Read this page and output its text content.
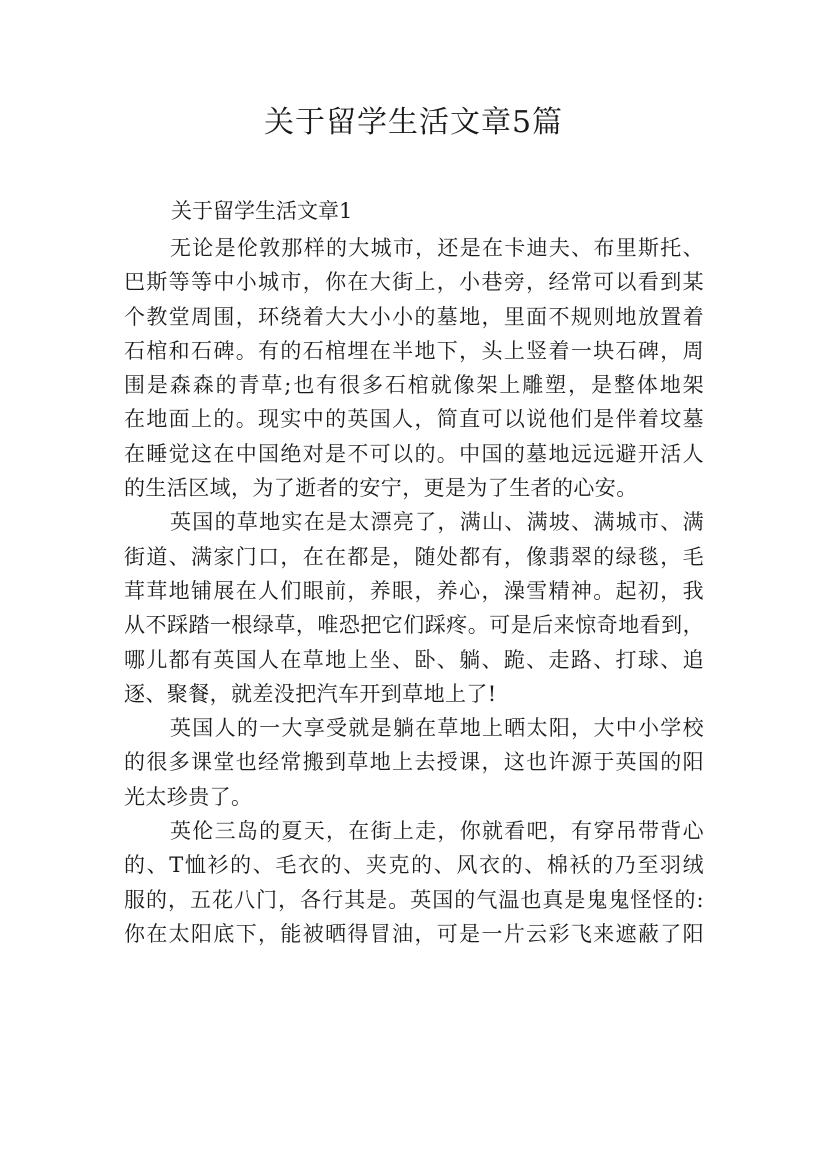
关于留学生活文章5篇
关于留学生活文章1
无论是伦敦那样的大城市，还是在卡迪夫、布里斯托、
巴斯等等中小城市，你在大街上，小巷旁，经常可以看到某
个教堂周围，环绕着大大小小的墓地，里面不规则地放置着
石棺和石碑。有的石棺埋在半地下，头上竖着一块石碑，周
围是森森的青草;也有很多石棺就像架上雕塑，是整体地架
在地面上的。现实中的英国人，简直可以说他们是伴着坟墓
在睡觉这在中国绝对是不可以的。中国的墓地远远避开活人
的生活区域，为了逝者的安宁，更是为了生者的心安。
英国的草地实在是太漂亮了，满山、满坡、满城市、满
街道、满家门口，在在都是，随处都有，像翡翠的绿毯，毛
茸茸地铺展在人们眼前，养眼，养心，澡雪精神。起初，我
从不踩踏一根绿草，唯恐把它们踩疼。可是后来惊奇地看到，
哪儿都有英国人在草地上坐、卧、躺、跪、走路、打球、追
逐、聚餐，就差没把汽车开到草地上了!
英国人的一大享受就是躺在草地上晒太阳，大中小学校
的很多课堂也经常搬到草地上去授课，这也许源于英国的阳
光太珍贵了。
英伦三岛的夏天，在街上走，你就看吧，有穿吊带背心
的、T恤衫的、毛衣的、夹克的、风衣的、棉袄的乃至羽绒
服的，五花八门，各行其是。英国的气温也真是鬼鬼怪怪的:
你在太阳底下，能被晒得冒油，可是一片云彩飞来遮蔽了阳
